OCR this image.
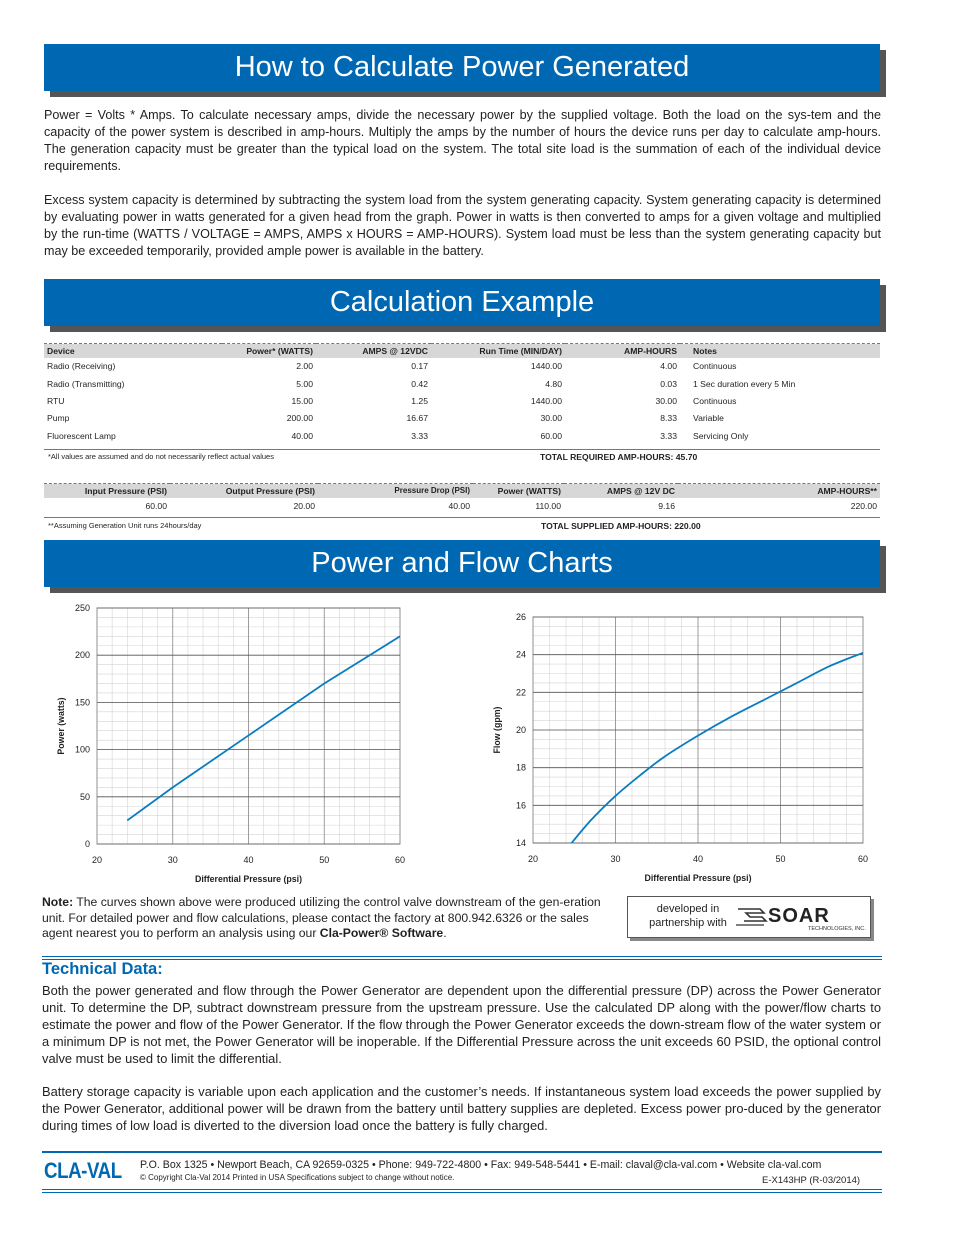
How to Calculate Power Generated
Power = Volts * Amps. To calculate necessary amps, divide the necessary power by the supplied voltage. Both the load on the sys-tem and the capacity of the power system is described in amp-hours. Multiply the amps by the number of hours the device runs per day to calculate amp-hours. The generation capacity must be greater than the typical load on the system. The total site load is the summation of each of the individual device requirements.
Excess system capacity is determined by subtracting the system load from the system generating capacity. System generating capacity is determined by evaluating power in watts generated for a given head from the graph. Power in watts is then converted to amps for a given voltage and multiplied by the run-time (WATTS / VOLTAGE = AMPS, AMPS x HOURS = AMP-HOURS). System load must be less than the system generating capacity but may be exceeded temporarily, provided ample power is available in the battery.
Calculation Example
Device	Power* (WATTS)	AMPS @ 12VDC	Run Time (MIN/DAY)	AMP-HOURS	Notes
Radio (Receiving)	2.00	0.17	1440.00	4.00	Continuous
Radio (Transmitting)	5.00	0.42	4.80	0.03	1 Sec duration every 5 Min
RTU	15.00	1.25	1440.00	30.00	Continuous
Pump	200.00	16.67	30.00	8.33	Variable
Fluorescent Lamp	40.00	3.33	60.00	3.33	Servicing Only
*All values are assumed and do not necessarily reflect actual values	TOTAL REQUIRED AMP-HOURS: 45.70
Input Pressure (PSI)	Output Pressure (PSI)	Pressure Drop (PSI)	Power (WATTS)	AMPS @ 12V DC	AMP-HOURS**
60.00	20.00	40.00	110.00	9.16	220.00
**Assuming Generation Unit runs 24hours/day	TOTAL SUPPLIED AMP-HOURS: 220.00
Power and Flow Charts
20	30	40	50	60
0
50
100
150
200
250
Differential Pressure (psi)
Power (watts)
20	30	40	50	60
14
16
18
20
22
24
26
Differential Pressure (psi)
Flow (gpm)
Note: The curves shown above were produced utilizing the control valve downstream of the gen-eration unit. For detailed power and flow calculations, please contact the factory at 800.942.6326 or the sales agent nearest you to perform an analysis using our Cla-Power® Software.
developed in partnership with	SOAR
TECHNOLOGIES, INC.
Technical Data:
Both the power generated and flow through the Power Generator are dependent upon the differential pressure (DP) across the Power Generator unit. To determine the DP, subtract downstream pressure from the upstream pressure. Use the calculated DP along with the power/flow charts to estimate the power and flow of the Power Generator. If the flow through the Power Generator exceeds the down-stream flow of the water system or a minimum DP is not met, the Power Generator will be inoperable. If the Differential Pressure across the unit exceeds 60 PSID, the optional control valve must be used to limit the differential.
Battery storage capacity is variable upon each application and the customer’s needs. If instantaneous system load exceeds the power supplied by the Power Generator, additional power will be drawn from the battery until battery supplies are depleted. Excess power pro-duced by the generator during times of low load is diverted to the diversion load once the battery is fully charged.
CLA-VAL P.O. Box 1325 • Newport Beach, CA 92659-0325 • Phone: 949-722-4800 • Fax: 949-548-5441 • E-mail: claval@cla-val.com • Website cla-val.com
© Copyright Cla-Val 2014 Printed in USA Specifications subject to change without notice.	E-X143HP (R-03/2014)
